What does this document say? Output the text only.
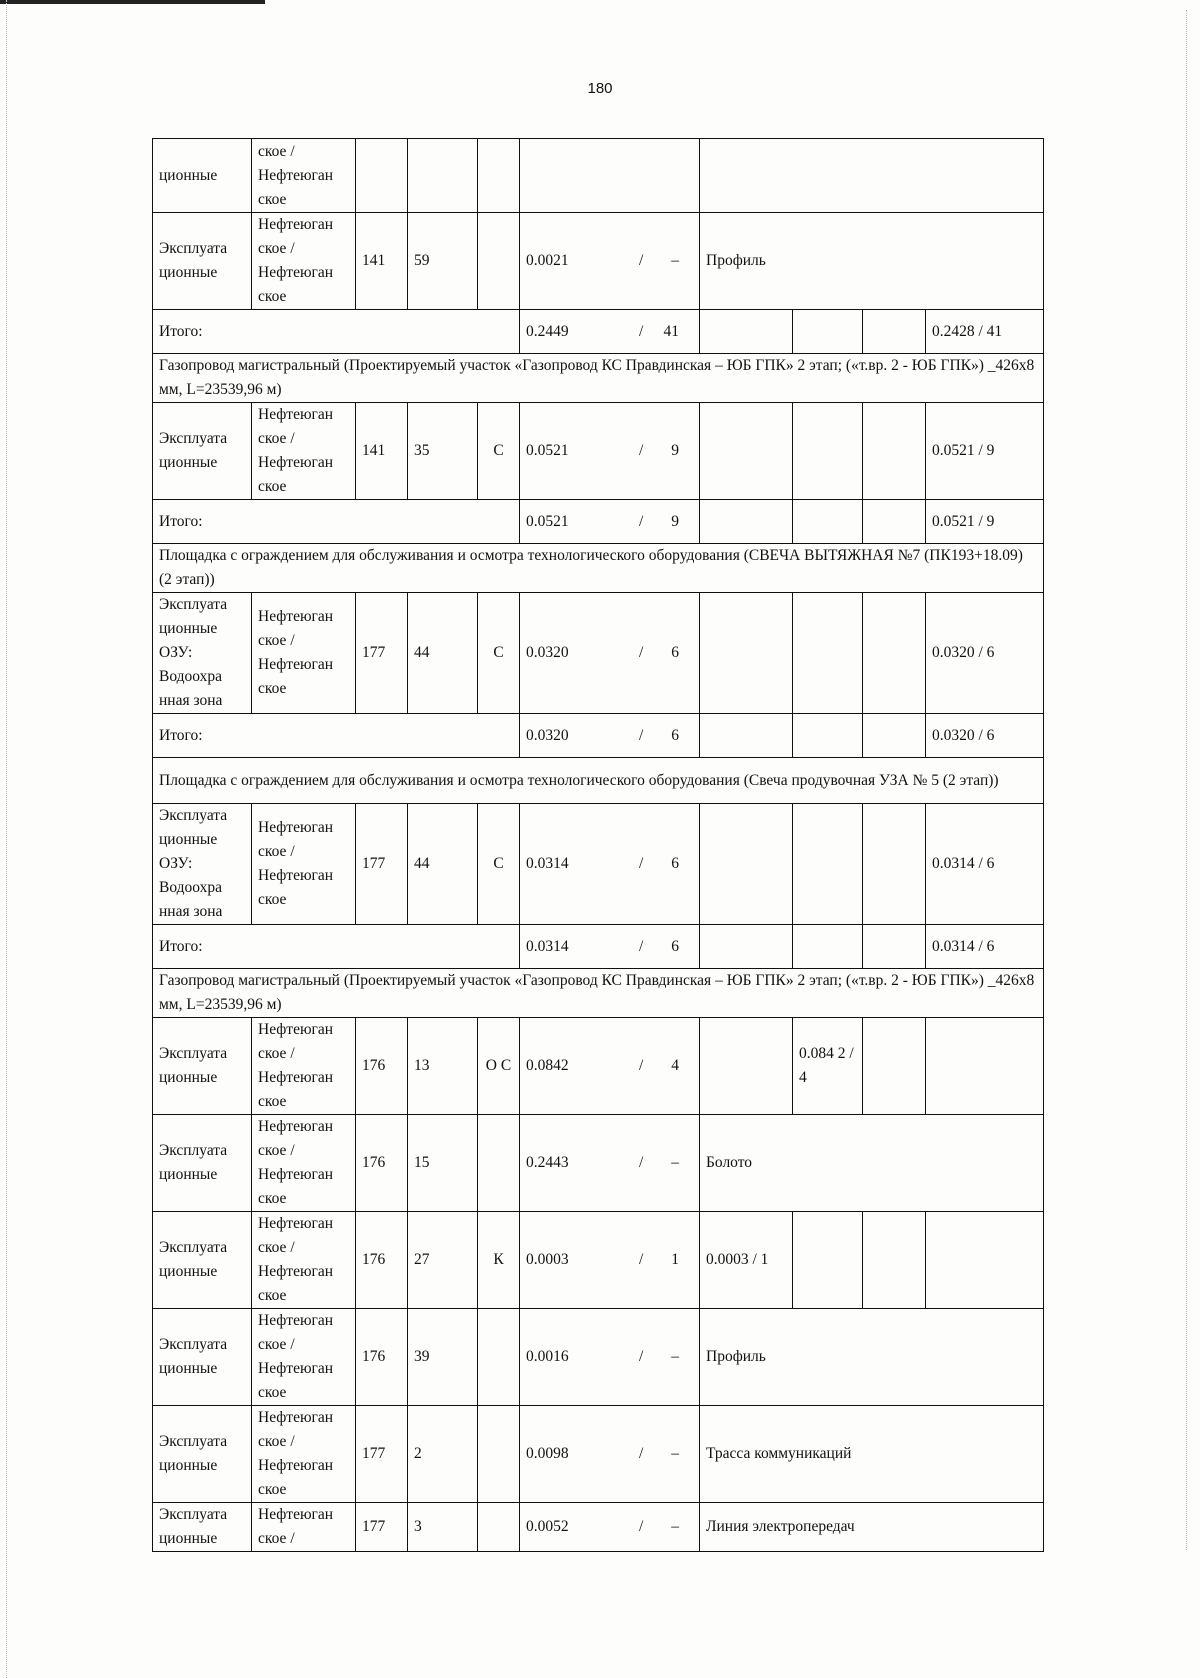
180
ционные	ское / Нефтеюган ское							

Эксплуата ционные	Нефтеюган ское / Нефтеюган ское	141	59		0.0021 / –	Профиль			
Итого:					0.2449 / 41				0.2428 / 41
Газопровод магистральный (Проектируемый участок «Газопровод КС Правдинская – ЮБ ГПК» 2 этап; («т.вр. 2 - ЮБ ГПК») _426х8 мм, L=23539,96 м)									
Эксплуата ционные	Нефтеюган ское / Нефтеюган ское	141	35	С	0.0521 / 9				0.0521 / 9
Итого:					0.0521 / 9				0.0521 / 9
Площадка с ограждением для обслуживания и осмотра технологического оборудования (СВЕЧА ВЫТЯЖНАЯ №7 (ПК193+18.09) (2 этап))									
Эксплуата ционные ОЗУ: Водоохра нная зона	Нефтеюган ское / Нефтеюган ское	177	44	С	0.0320 / 6				0.0320 / 6
Итого:					0.0320 / 6				0.0320 / 6
Площадка с ограждением для обслуживания и осмотра технологического оборудования (Свеча продувочная УЗА № 5 (2 этап))									
Эксплуата ционные ОЗУ: Водоохра нная зона	Нефтеюган ское / Нефтеюган ское	177	44	С	0.0314 / 6				0.0314 / 6
Итого:					0.0314 / 6				0.0314 / 6
Газопровод магистральный (Проектируемый участок «Газопровод КС Правдинская – ЮБ ГПК» 2 этап; («т.вр. 2 - ЮБ ГПК») _426х8 мм, L=23539,96 м)									
Эксплуата ционные	Нефтеюган ское / Нефтеюган ское	176	13	О С	0.0842 / 4		0.084 2 / 4		
Эксплуата ционные	Нефтеюган ское / Нефтеюган ское	176	15		0.2443 / –	Болото			
Эксплуата ционные	Нефтеюган ское / Нефтеюган ское	176	27	К	0.0003 / 1	0.0003 / 1			
Эксплуата ционные	Нефтеюган ское / Нефтеюган ское	176	39		0.0016 / –	Профиль			
Эксплуата ционные	Нефтеюган ское / Нефтеюган ское	177	2		0.0098 / –	Трасса коммуникаций			
Эксплуата ционные	Нефтеюган ское /	177	3		0.0052 / –	Линия электропередач			
